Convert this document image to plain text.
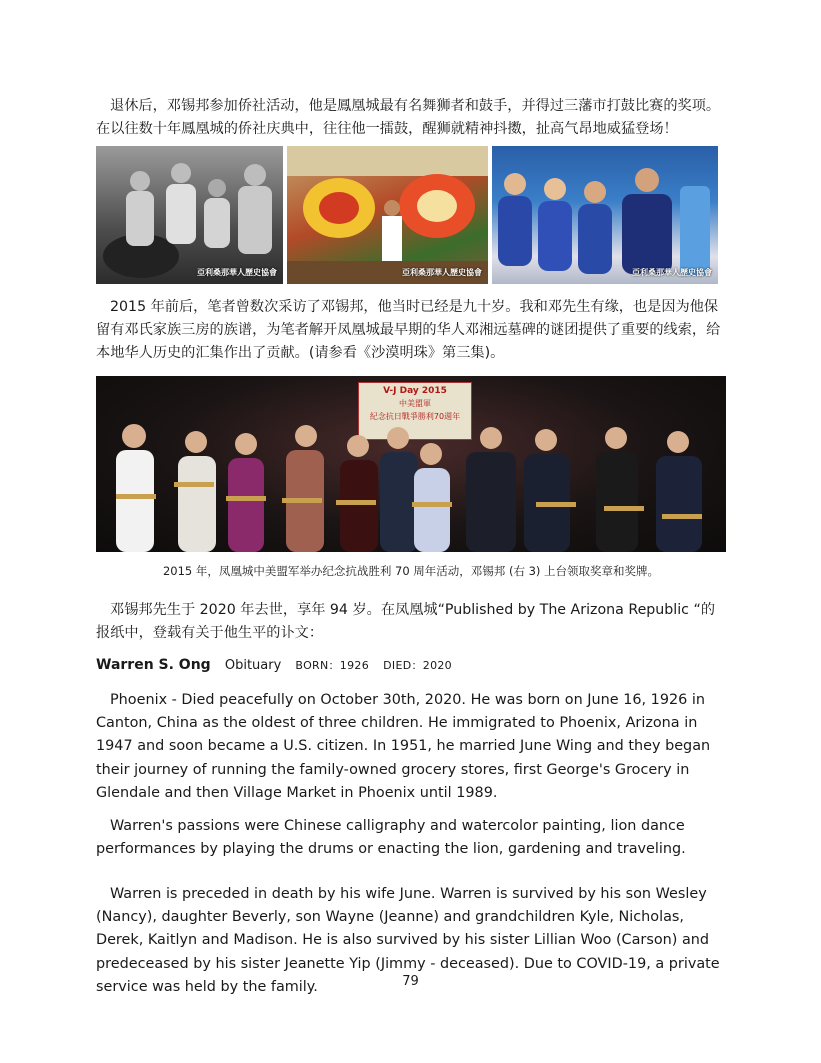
退休后，邓锡邦参加侨社活动，他是鳳凰城最有名舞狮者和鼓手，并得过三藩市打鼓比赛的奖项。在以往数十年鳳凰城的侨社庆典中，往往他一擂鼓，醒狮就精神抖擞，扯高气昂地威猛登场！

亞利桑那華人歷史協會	亞利桑那華人歷史協會	亞利桑那華人歷史協會

2015 年前后，笔者曾数次采访了邓锡邦，他当时已经是九十岁。我和邓先生有缘，也是因为他保留有邓氏家族三房的族谱，为笔者解开凤凰城最早期的华人邓湘远墓碑的谜团提供了重要的线索，给本地华人历史的汇集作出了贡献。(请参看《沙漠明珠》第三集)。

V-J Day 2015
中美盟軍
紀念抗日戰爭勝利70週年
2015 年，凤凰城中美盟军举办纪念抗战胜利 70 周年活动，邓锡邦 (右 3) 上台领取奖章和奖牌。

邓锡邦先生于 2020 年去世，享年 94 岁。在凤凰城“Published by The Arizona Republic “的报纸中，登载有关于他生平的讣文：

Warren S. Ong Obituary BORN：1926 DIED：2020

Phoenix - Died peacefully on October 30th, 2020. He was born on June 16, 1926 in Canton, China as the oldest of three children. He immigrated to Phoenix, Arizona in 1947 and soon became a U.S. citizen. In 1951, he married June Wing and they began their journey of running the family-owned grocery stores, first George's Grocery in Glendale and then Village Market in Phoenix until 1989.

Warren's passions were Chinese calligraphy and watercolor painting, lion dance performances by playing the drums or enacting the lion, gardening and traveling.

Warren is preceded in death by his wife June. Warren is survived by his son Wesley (Nancy), daughter Beverly, son Wayne (Jeanne) and grandchildren Kyle, Nicholas, Derek, Kaitlyn and Madison. He is also survived by his sister Lillian Woo (Carson) and predeceased by his sister Jeanette Yip (Jimmy - deceased). Due to COVID-19, a private service was held by the family.	79
